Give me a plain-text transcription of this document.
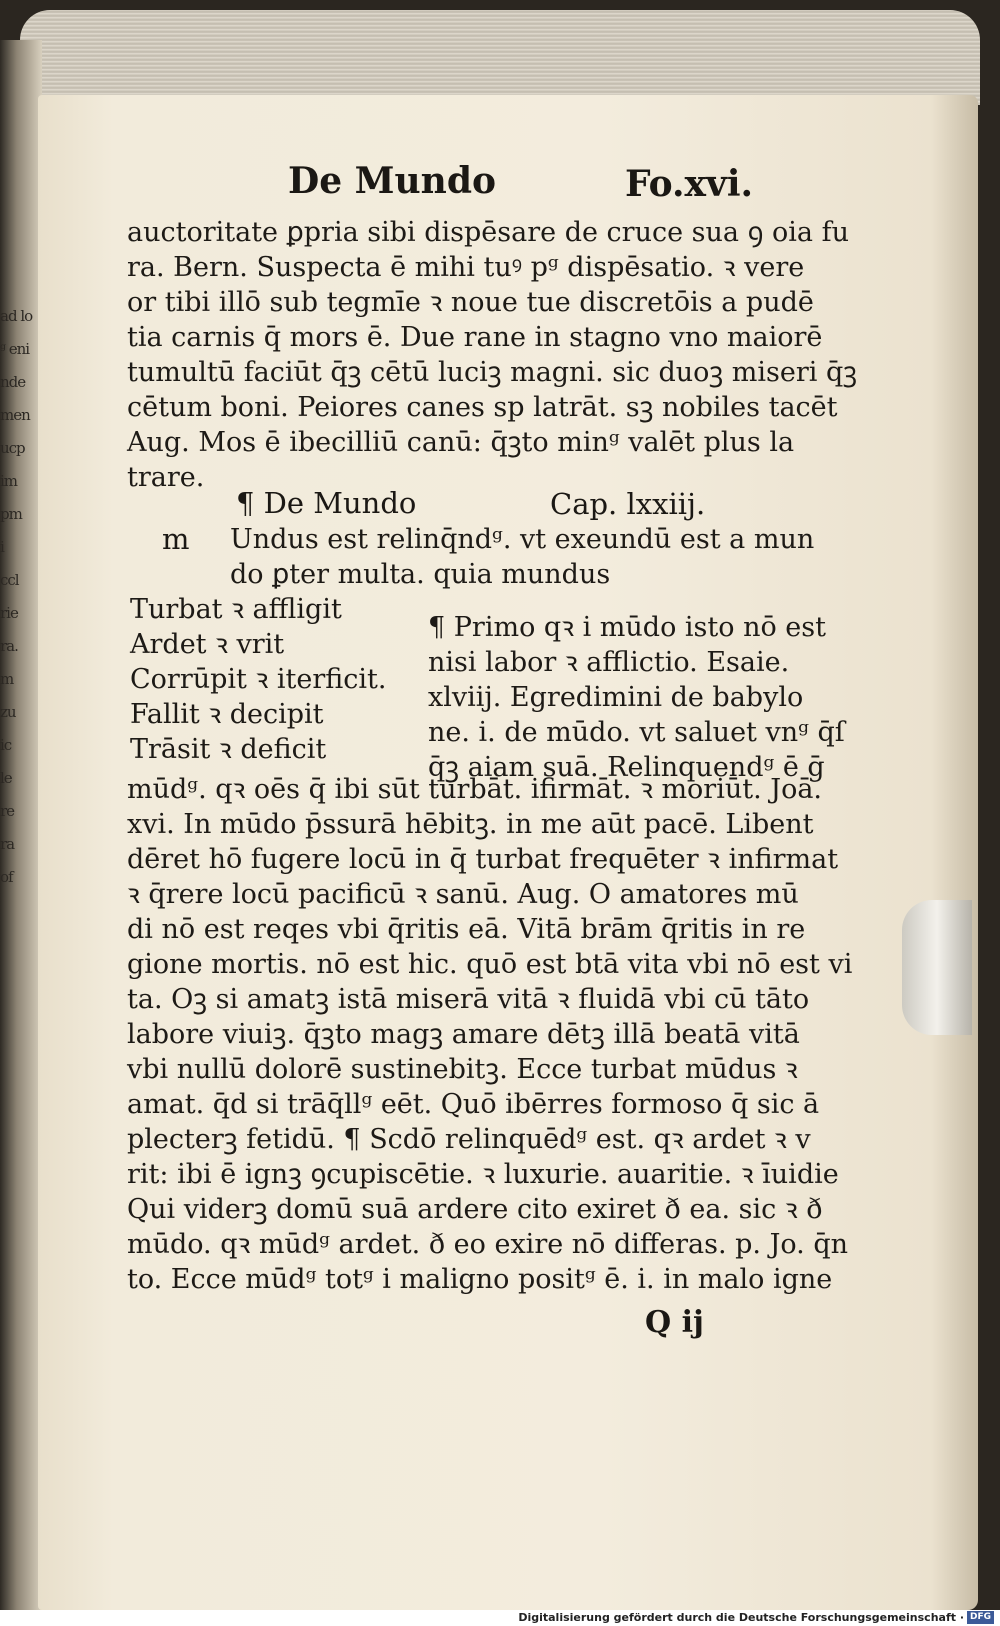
ad lo
ᵍ eni
nde
men
ucp
im
pm
i
ccl
rie
ra.
m
zu
ic
le
re
ra
of
De Mundo	Fo.xvi.
auctoritate ꝑpria sibi dispēsare de cruce sua ꝯ oia fu
ra. Bern. Suspecta ē mihi tuꝰ pᵍ dispēsatio. ꝛ vere
or tibi illō sub tegmīe ꝛ noue tue discretōis a pudē
tia carnis q̄ mors ē. Due rane in stagno vno maiorē
tumultū faciūt q̄ꝫ cētū luciꝫ magni. sic duoꝫ miseri q̄ꝫ
cētum boni. Peiores canes sp latrāt. sꝫ nobiles tacēt
Aug. Mos ē ibecilliū canū: q̄ꝫto minᵍ valēt plus la
trare.
¶ De Mundo	Cap. lxxiij.
m Undus est relinq̄ndᵍ. vt exeundū est a mun
do ꝑter multa. quia mundus
Turbat ꝛ affligit
Ardet ꝛ vrit
Corrūpit ꝛ iterficit.
Fallit ꝛ decipit
Trāsit ꝛ deficit
¶ Primo qꝛ i mūdo isto nō est
nisi labor ꝛ afflictio. Esaie.
xlviij. Egredimini de babylo
ne. i. de mūdo. vt saluet vnᵍ q̄ſ
q̄ꝫ aiam suā. Relinquendᵍ ē ḡ
mūdᵍ. qꝛ oēs q̄ ibi sūt turbāt. ifirmāt. ꝛ moriūt. Joā.
xvi. In mūdo p̄ssurā hēbitꝫ. in me aūt pacē. Libent
dēret hō fugere locū in q̄ turbat frequēter ꝛ infirmat
ꝛ q̄rere locū pacificū ꝛ sanū. Aug. O amatores mū
di nō est reqes vbi q̄ritis eā. Vitā brām q̄ritis in re
gione mortis. nō est hic. quō est btā vita vbi nō est vi
ta. Oꝫ si amatꝫ istā miserā vitā ꝛ fluidā vbi cū tāto
labore viuiꝫ. q̄ꝫto magꝫ amare dētꝫ illā beatā vitā
vbi nullū dolorē sustinebitꝫ. Ecce turbat mūdus ꝛ
amat. q̄d si trāq̄llᵍ eēt. Quō ibērres formoso q̄ sic ā
plecterꝫ fetidū. ¶ Scdō relinquēdᵍ est. qꝛ ardet ꝛ v
rit: ibi ē ignꝫ ꝯcupiscētie. ꝛ luxurie. auaritie. ꝛ īuidie
Qui viderꝫ domū suā ardere cito exiret ð ea. sic ꝛ ð
mūdo. qꝛ mūdᵍ ardet. ð eo exire nō differas. p. Jo. q̄n
to. Ecce mūdᵍ totᵍ i maligno positᵍ ē. i. in malo igne
Q ij
Digitalisierung gefördert durch die Deutsche Forschungsgemeinschaft · DFG
